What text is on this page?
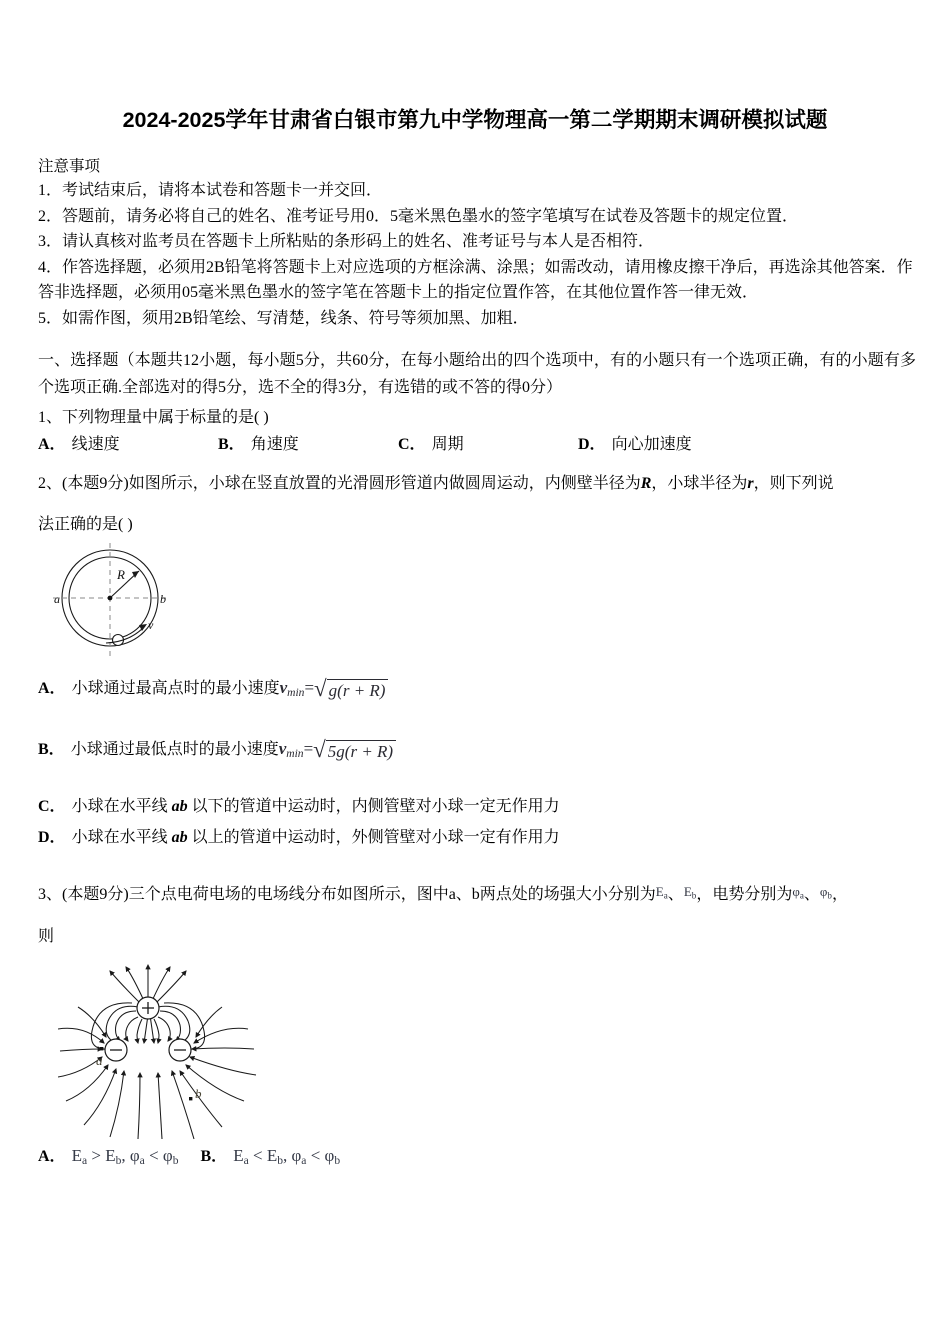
2024-2025学年甘肃省白银市第九中学物理高一第二学期期末调研模拟试题
注意事项
1．考试结束后，请将本试卷和答题卡一并交回．
2．答题前，请务必将自己的姓名、准考证号用0．5毫米黑色墨水的签字笔填写在试卷及答题卡的规定位置．
3．请认真核对监考员在答题卡上所粘贴的条形码上的姓名、准考证号与本人是否相符．
4．作答选择题，必须用2B铅笔将答题卡上对应选项的方框涂满、涂黑；如需改动，请用橡皮擦干净后，再选涂其他答案．作答非选择题，必须用05毫米黑色墨水的签字笔在答题卡上的指定位置作答，在其他位置作答一律无效．
5．如需作图，须用2B铅笔绘、写清楚，线条、符号等须加黑、加粗．
一、选择题（本题共12小题，每小题5分，共60分，在每小题给出的四个选项中，有的小题只有一个选项正确，有的小题有多个选项正确.全部选对的得5分，选不全的得3分，有选错的或不答的得0分）
1、下列物理量中属于标量的是( )
A． 线速度	B． 角速度	C． 周期	D． 向心加速度
2、(本题9分)如图所示，小球在竖直放置的光滑圆形管道内做圆周运动，内侧壁半径为R，小球半径为r，则下列说
法正确的是( )
R
a	b
v
A． 小球通过最高点时的最小速度$v_{min}=$ √ g(r + R)
B． 小球通过最低点时的最小速度$v_{min}=$ √ 5g(r + R)
C． 小球在水平线 ab 以下的管道中运动时，内侧管壁对小球一定无作用力
D． 小球在水平线 ab 以上的管道中运动时，外侧管壁对小球一定有作用力
3、(本题9分)三个点电荷电场的电场线分布如图所示，图中a、b两点处的场强大小分别为Ea、Eb，电势分别为φa、φb，
则
a
b
A． Ea > Eb, φa < φb B． Ea < Eb, φa < φb
